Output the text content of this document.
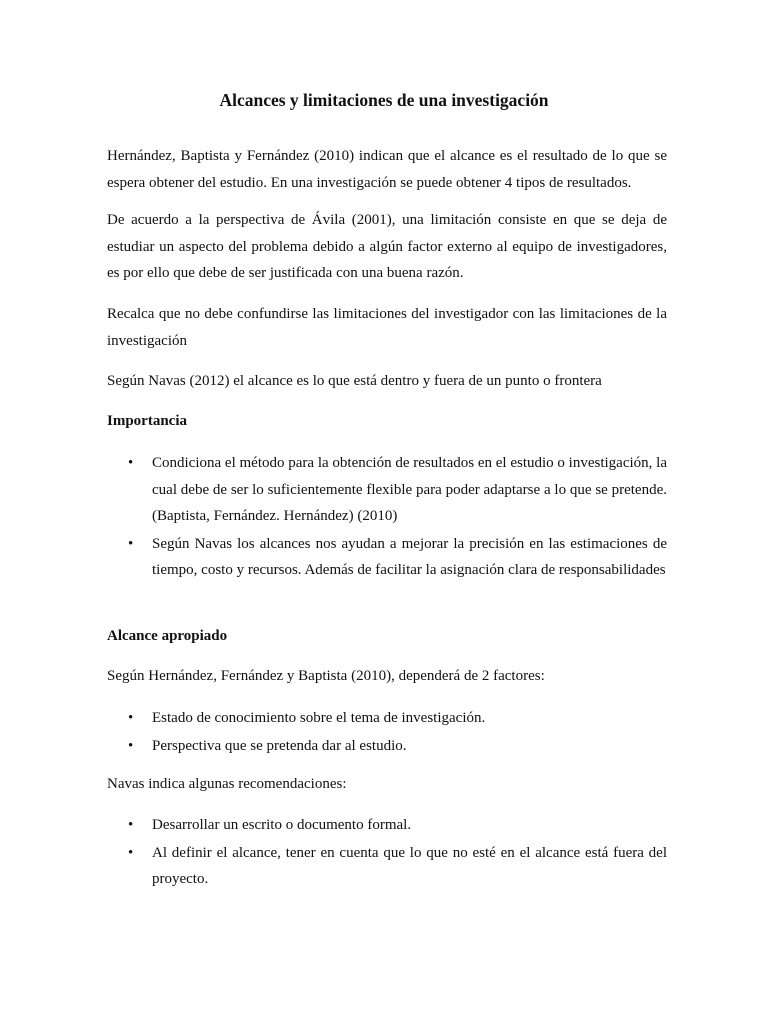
Alcances y limitaciones de una investigación

Hernández, Baptista y Fernández (2010) indican que el alcance es el resultado de lo que se espera obtener del estudio. En una investigación se puede obtener 4 tipos de resultados.

De acuerdo a la perspectiva de Ávila (2001), una limitación consiste en que se deja de estudiar un aspecto del problema debido a algún factor externo al equipo de investigadores, es por ello que debe de ser justificada con una buena razón.

Recalca que no debe confundirse las limitaciones del investigador con las limitaciones de la investigación

Según Navas (2012) el alcance es lo que está dentro y fuera de un punto o frontera

Importancia
• Condiciona el método para la obtención de resultados en el estudio o investigación, la cual debe de ser lo suficientemente flexible para poder adaptarse a lo que se pretende. (Baptista, Fernández. Hernández) (2010)
• Según Navas los alcances nos ayudan a mejorar la precisión en las estimaciones de tiempo, costo y recursos. Además de facilitar la asignación clara de responsabilidades
Alcance apropiado

Según Hernández, Fernández y Baptista (2010), dependerá de 2 factores:

• Estado de conocimiento sobre el tema de investigación.
• Perspectiva que se pretenda dar al estudio.

Navas indica algunas recomendaciones:

• Desarrollar un escrito o documento formal.
• Al definir el alcance, tener en cuenta que lo que no esté en el alcance está fuera del proyecto.
